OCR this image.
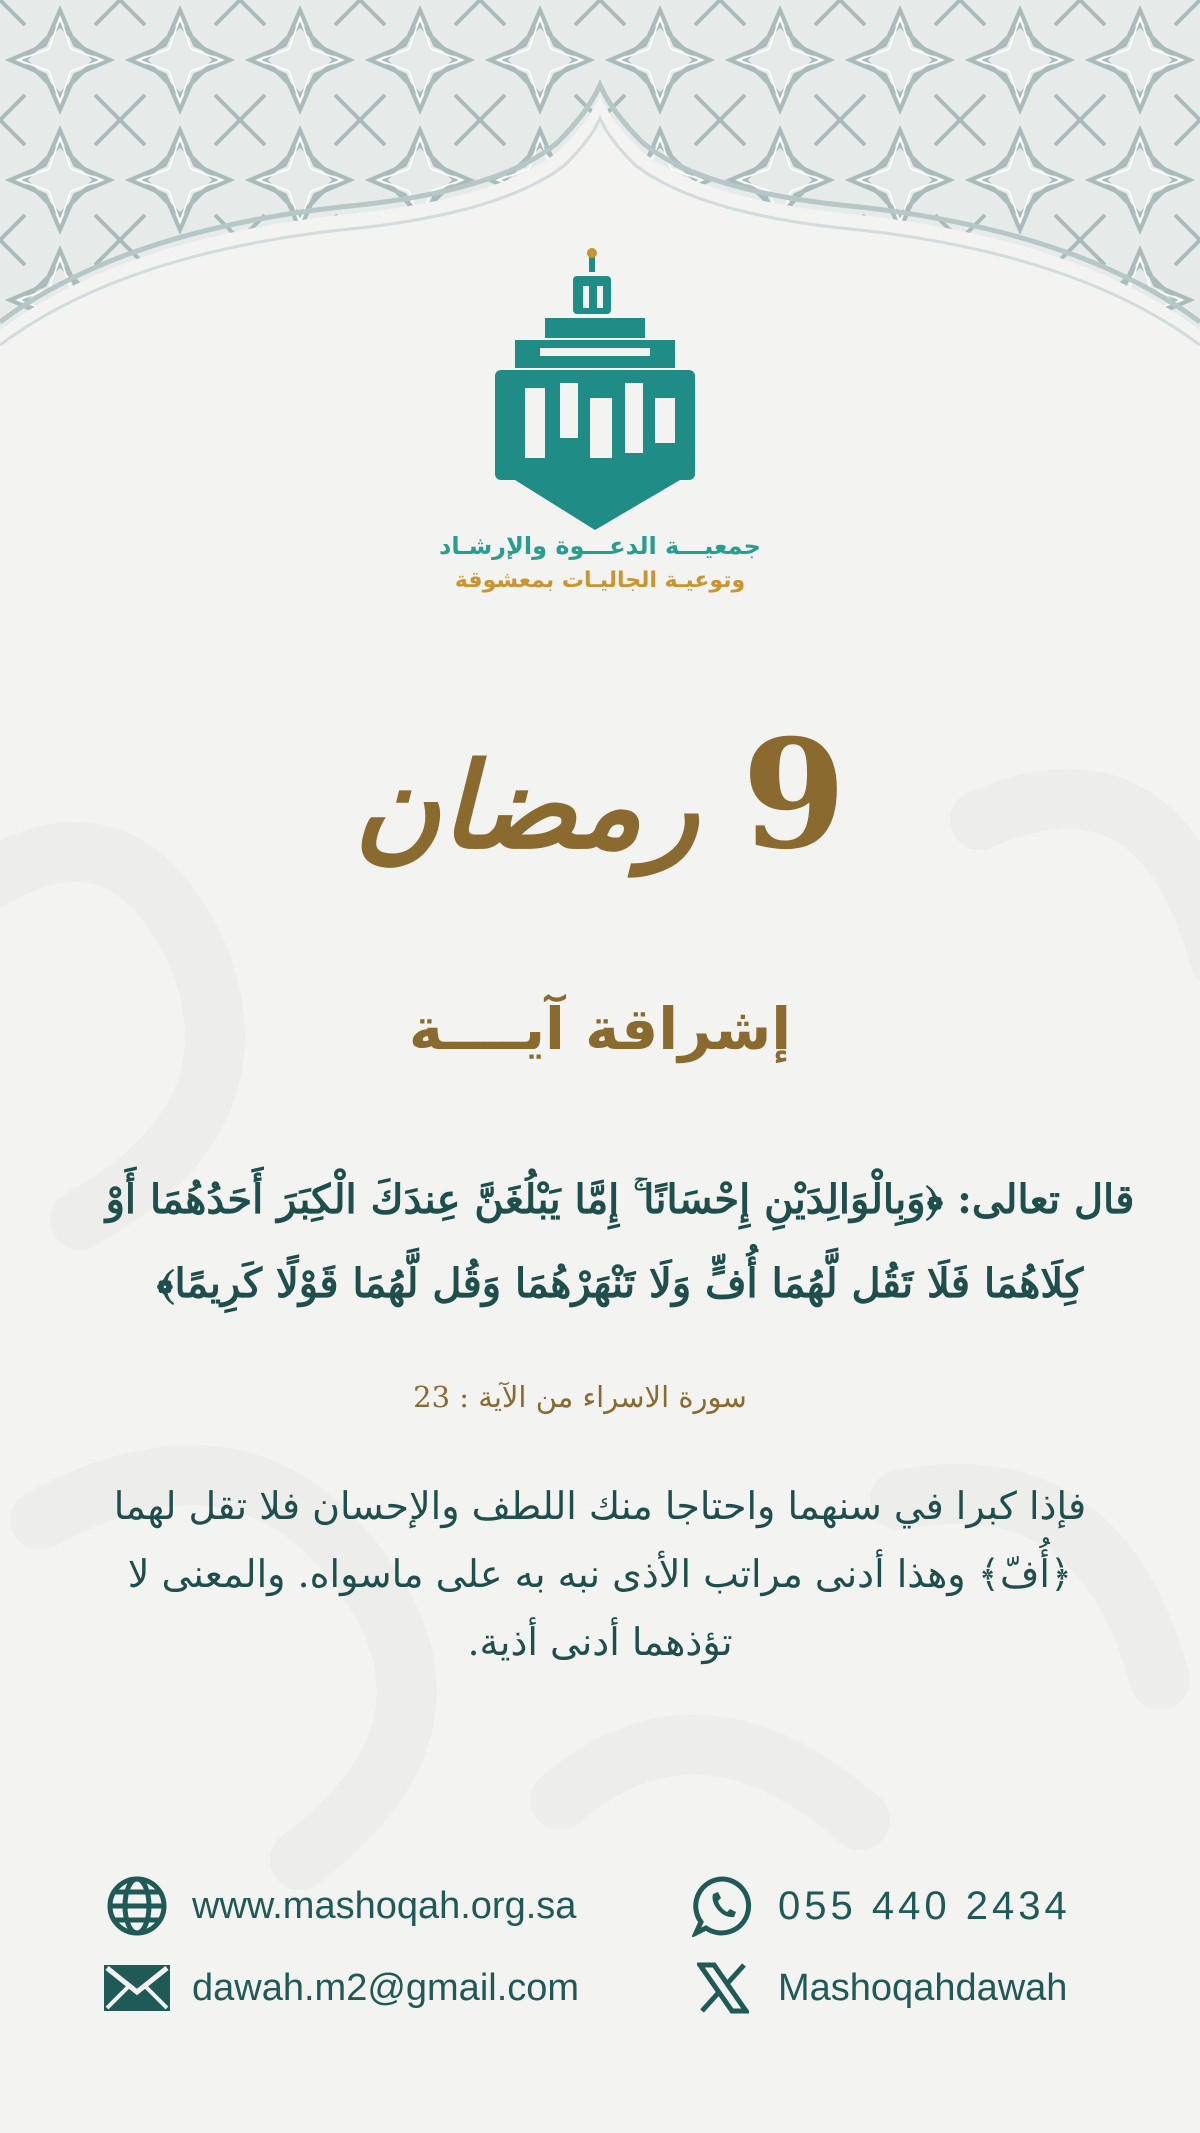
جمعيـــة الدعـــوة والإرشـاد
وتوعيـة الجاليـات بمعشوقة
9 رمضان
إشراقة آيــــة
قال تعالى: ﴿وَبِالْوَالِدَيْنِ إِحْسَانًا ۚ إِمَّا يَبْلُغَنَّ عِندَكَ الْكِبَرَ أَحَدُهُمَا أَوْ كِلَاهُمَا فَلَا تَقُل لَّهُمَا أُفٍّ وَلَا تَنْهَرْهُمَا وَقُل لَّهُمَا قَوْلًا كَرِيمًا﴾
سورة الاسراء من الآية : 23
فإذا كبرا في سنهما واحتاجا منك اللطف والإحسان فلا تقل لهما ﴿أُفّ﴾ وهذا أدنى مراتب الأذى نبه به على ماسواه. والمعنى لا تؤذهما أدنى أذية.
www.mashoqah.org.sa
dawah.m2@gmail.com
055 440 2434
Mashoqahdawah
